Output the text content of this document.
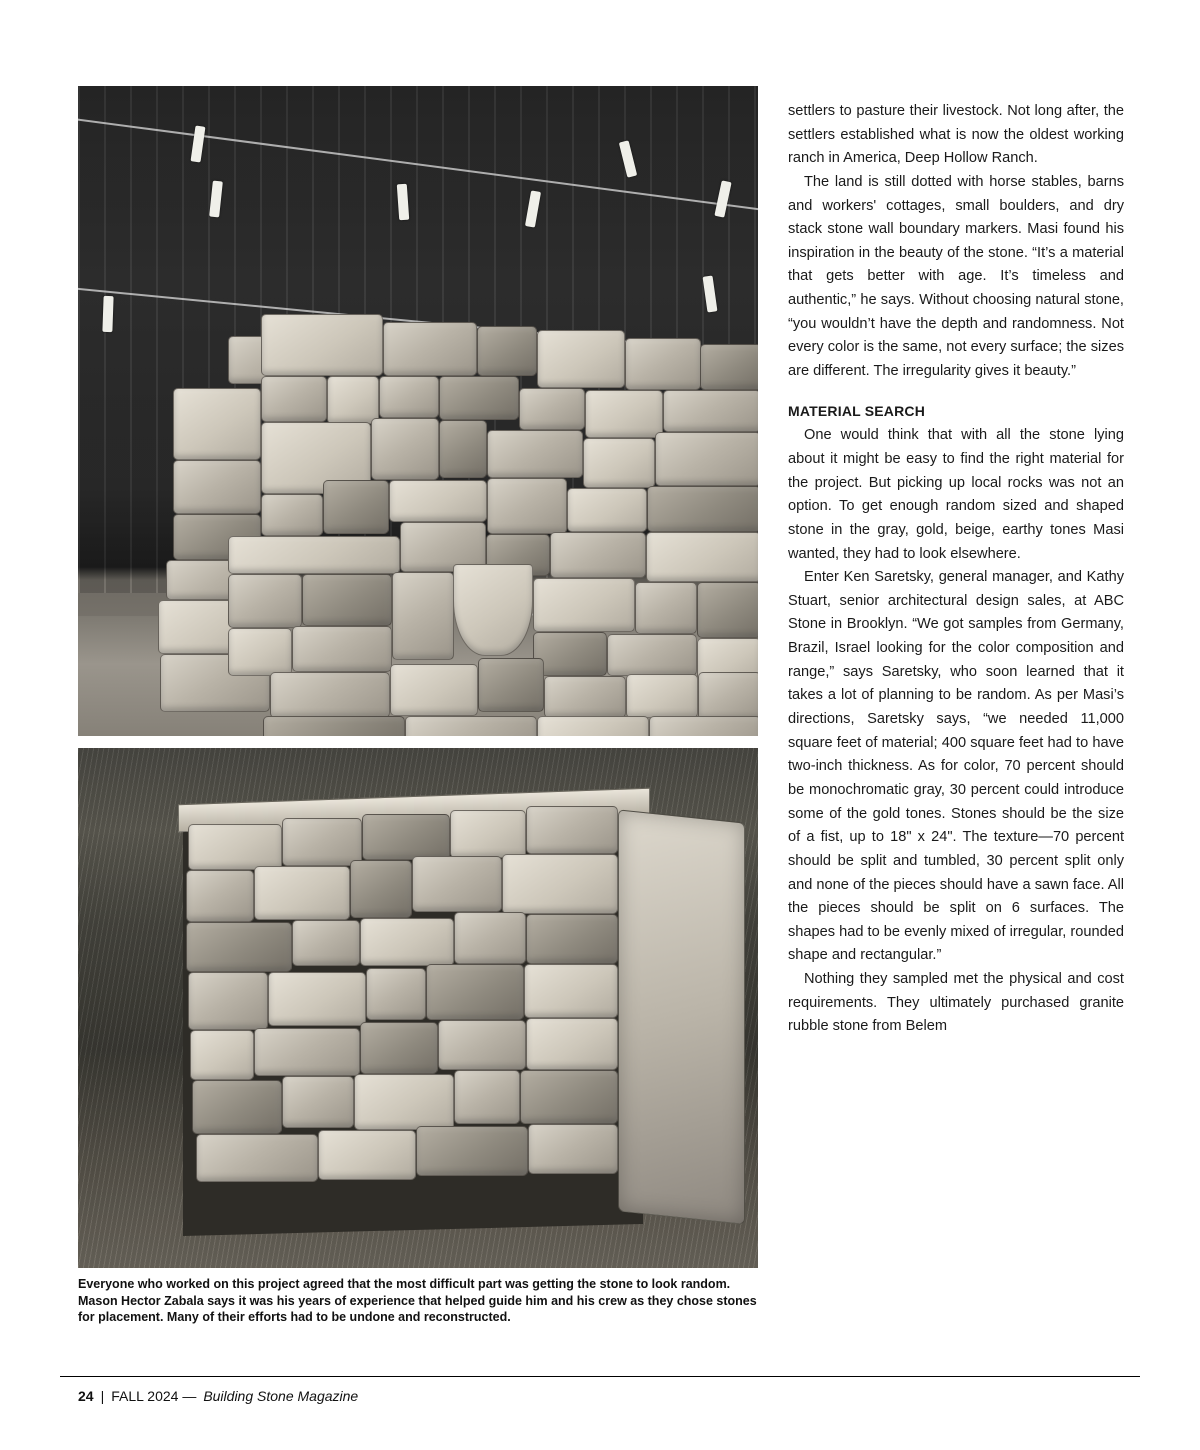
Everyone who worked on this project agreed that the most difficult part was getting the stone to look random. Mason Hector Zabala says it was his years of experience that helped guide him and his crew as they chose stones for placement. Many of their efforts had to be undone and reconstructed.

settlers to pasture their livestock. Not long after, the settlers established what is now the oldest working ranch in America, Deep Hollow Ranch.

The land is still dotted with horse stables, barns and workers' cottages, small boulders, and dry stack stone wall boundary markers. Masi found his inspiration in the beauty of the stone. “It’s a material that gets better with age. It’s timeless and authentic,” he says. Without choosing natural stone, “you wouldn’t have the depth and randomness. Not every color is the same, not every surface; the sizes are different. The irregularity gives it beauty.”

MATERIAL SEARCH

One would think that with all the stone lying about it might be easy to find the right material for the project. But picking up local rocks was not an option. To get enough random sized and shaped stone in the gray, gold, beige, earthy tones Masi wanted, they had to look elsewhere.

Enter Ken Saretsky, general manager, and Kathy Stuart, senior architectural design sales, at ABC Stone in Brooklyn. “We got samples from Germany, Brazil, Israel looking for the color composition and range,” says Saretsky, who soon learned that it takes a lot of planning to be random. As per Masi’s directions, Saretsky says, “we needed 11,000 square feet of material; 400 square feet had to have two-inch thickness. As for color, 70 percent should be monochromatic gray, 30 percent could introduce some of the gold tones. Stones should be the size of a fist, up to 18" x 24". The texture—70 percent should be split and tumbled, 30 percent split only and none of the pieces should have a sawn face. All the pieces should be split on 6 surfaces. The shapes had to be evenly mixed of irregular, rounded shape and rectangular.”

Nothing they sampled met the physical and cost requirements. They ultimately purchased granite rubble stone from Belem

24 | FALL 2024 — Building Stone Magazine
